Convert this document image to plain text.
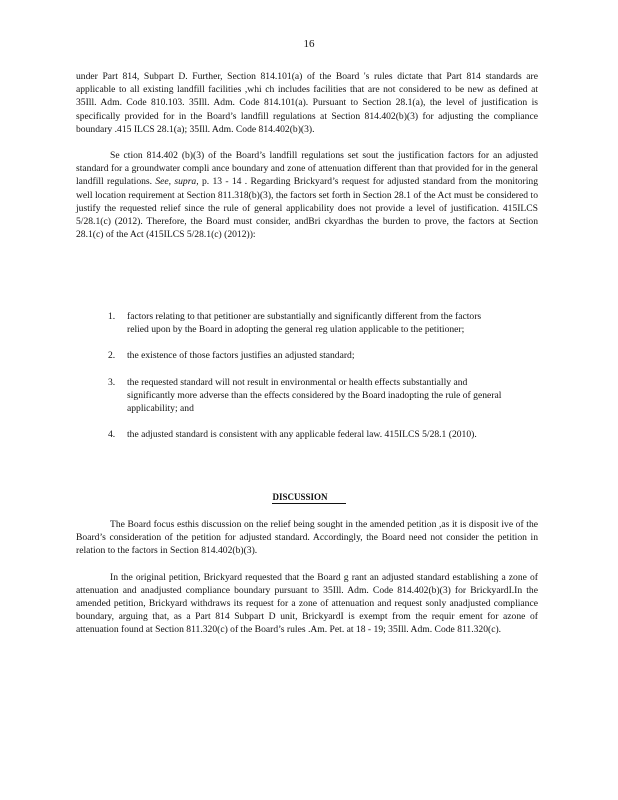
16

under Part 814, Subpart D. Further, Section 814.101(a) of the Board 's rules dictate that Part 814 standards are applicable to all existing landfill facilities ,whi ch includes facilities that are not considered to be new as defined at 35Ill. Adm. Code 810.103. 35Ill. Adm. Code 814.101(a). Pursuant to Section 28.1(a), the level of justification is specifically provided for in the Board’s landfill regulations at Section 814.402(b)(3) for adjusting the compliance boundary .415 ILCS 28.1(a); 35Ill. Adm. Code 814.402(b)(3).

Se ction 814.402 (b)(3) of the Board’s landfill regulations set sout the justification factors for an adjusted standard for a groundwater compli ance boundary and zone of attenuation different than that provided for in the general landfill regulations. See, supra, p. 13 - 14 . Regarding Brickyard’s request for adjusted standard from the monitoring well location requirement at Section 811.318(b)(3), the factors set forth in Section 28.1 of the Act must be considered to justify the requested relief since the rule of general applicability does not provide a level of justification. 415ILCS 5/28.1(c) (2012). Therefore, the Board must consider, andBri ckyardhas the burden to prove, the factors at Section 28.1(c) of the Act (415ILCS 5/28.1(c) (2012)):

1.	factors relating to that petitioner are substantially and significantly different from the factors relied upon by the Board in adopting the general reg ulation applicable to the petitioner;
2.	the existence of those factors justifies an adjusted standard;
3.	the requested standard will not result in environmental or health effects substantially and significantly more adverse than the effects considered by the Board inadopting the rule of general applicability; and
4.	the adjusted standard is consistent with any applicable federal law. 415ILCS 5/28.1 (2010).
DISCUSSION

The Board focus esthis discussion on the relief being sought in the amended petition ,as it is disposit ive of the Board’s consideration of the petition for adjusted standard. Accordingly, the Board need not consider the petition in relation to the factors in Section 814.402(b)(3).

In the original petition, Brickyard requested that the Board g rant an adjusted standard establishing a zone of attenuation and anadjusted compliance boundary pursuant to 35Ill. Adm. Code 814.402(b)(3) for BrickyardI.In the amended petition, Brickyard withdraws its request for a zone of attenuation and request sonly anadjusted compliance boundary, arguing that, as a Part 814 Subpart D unit, BrickyardI is exempt from the requir ement for azone of attenuation found at Section 811.320(c) of the Board’s rules .Am. Pet. at 18 - 19; 35Ill. Adm. Code 811.320(c).
